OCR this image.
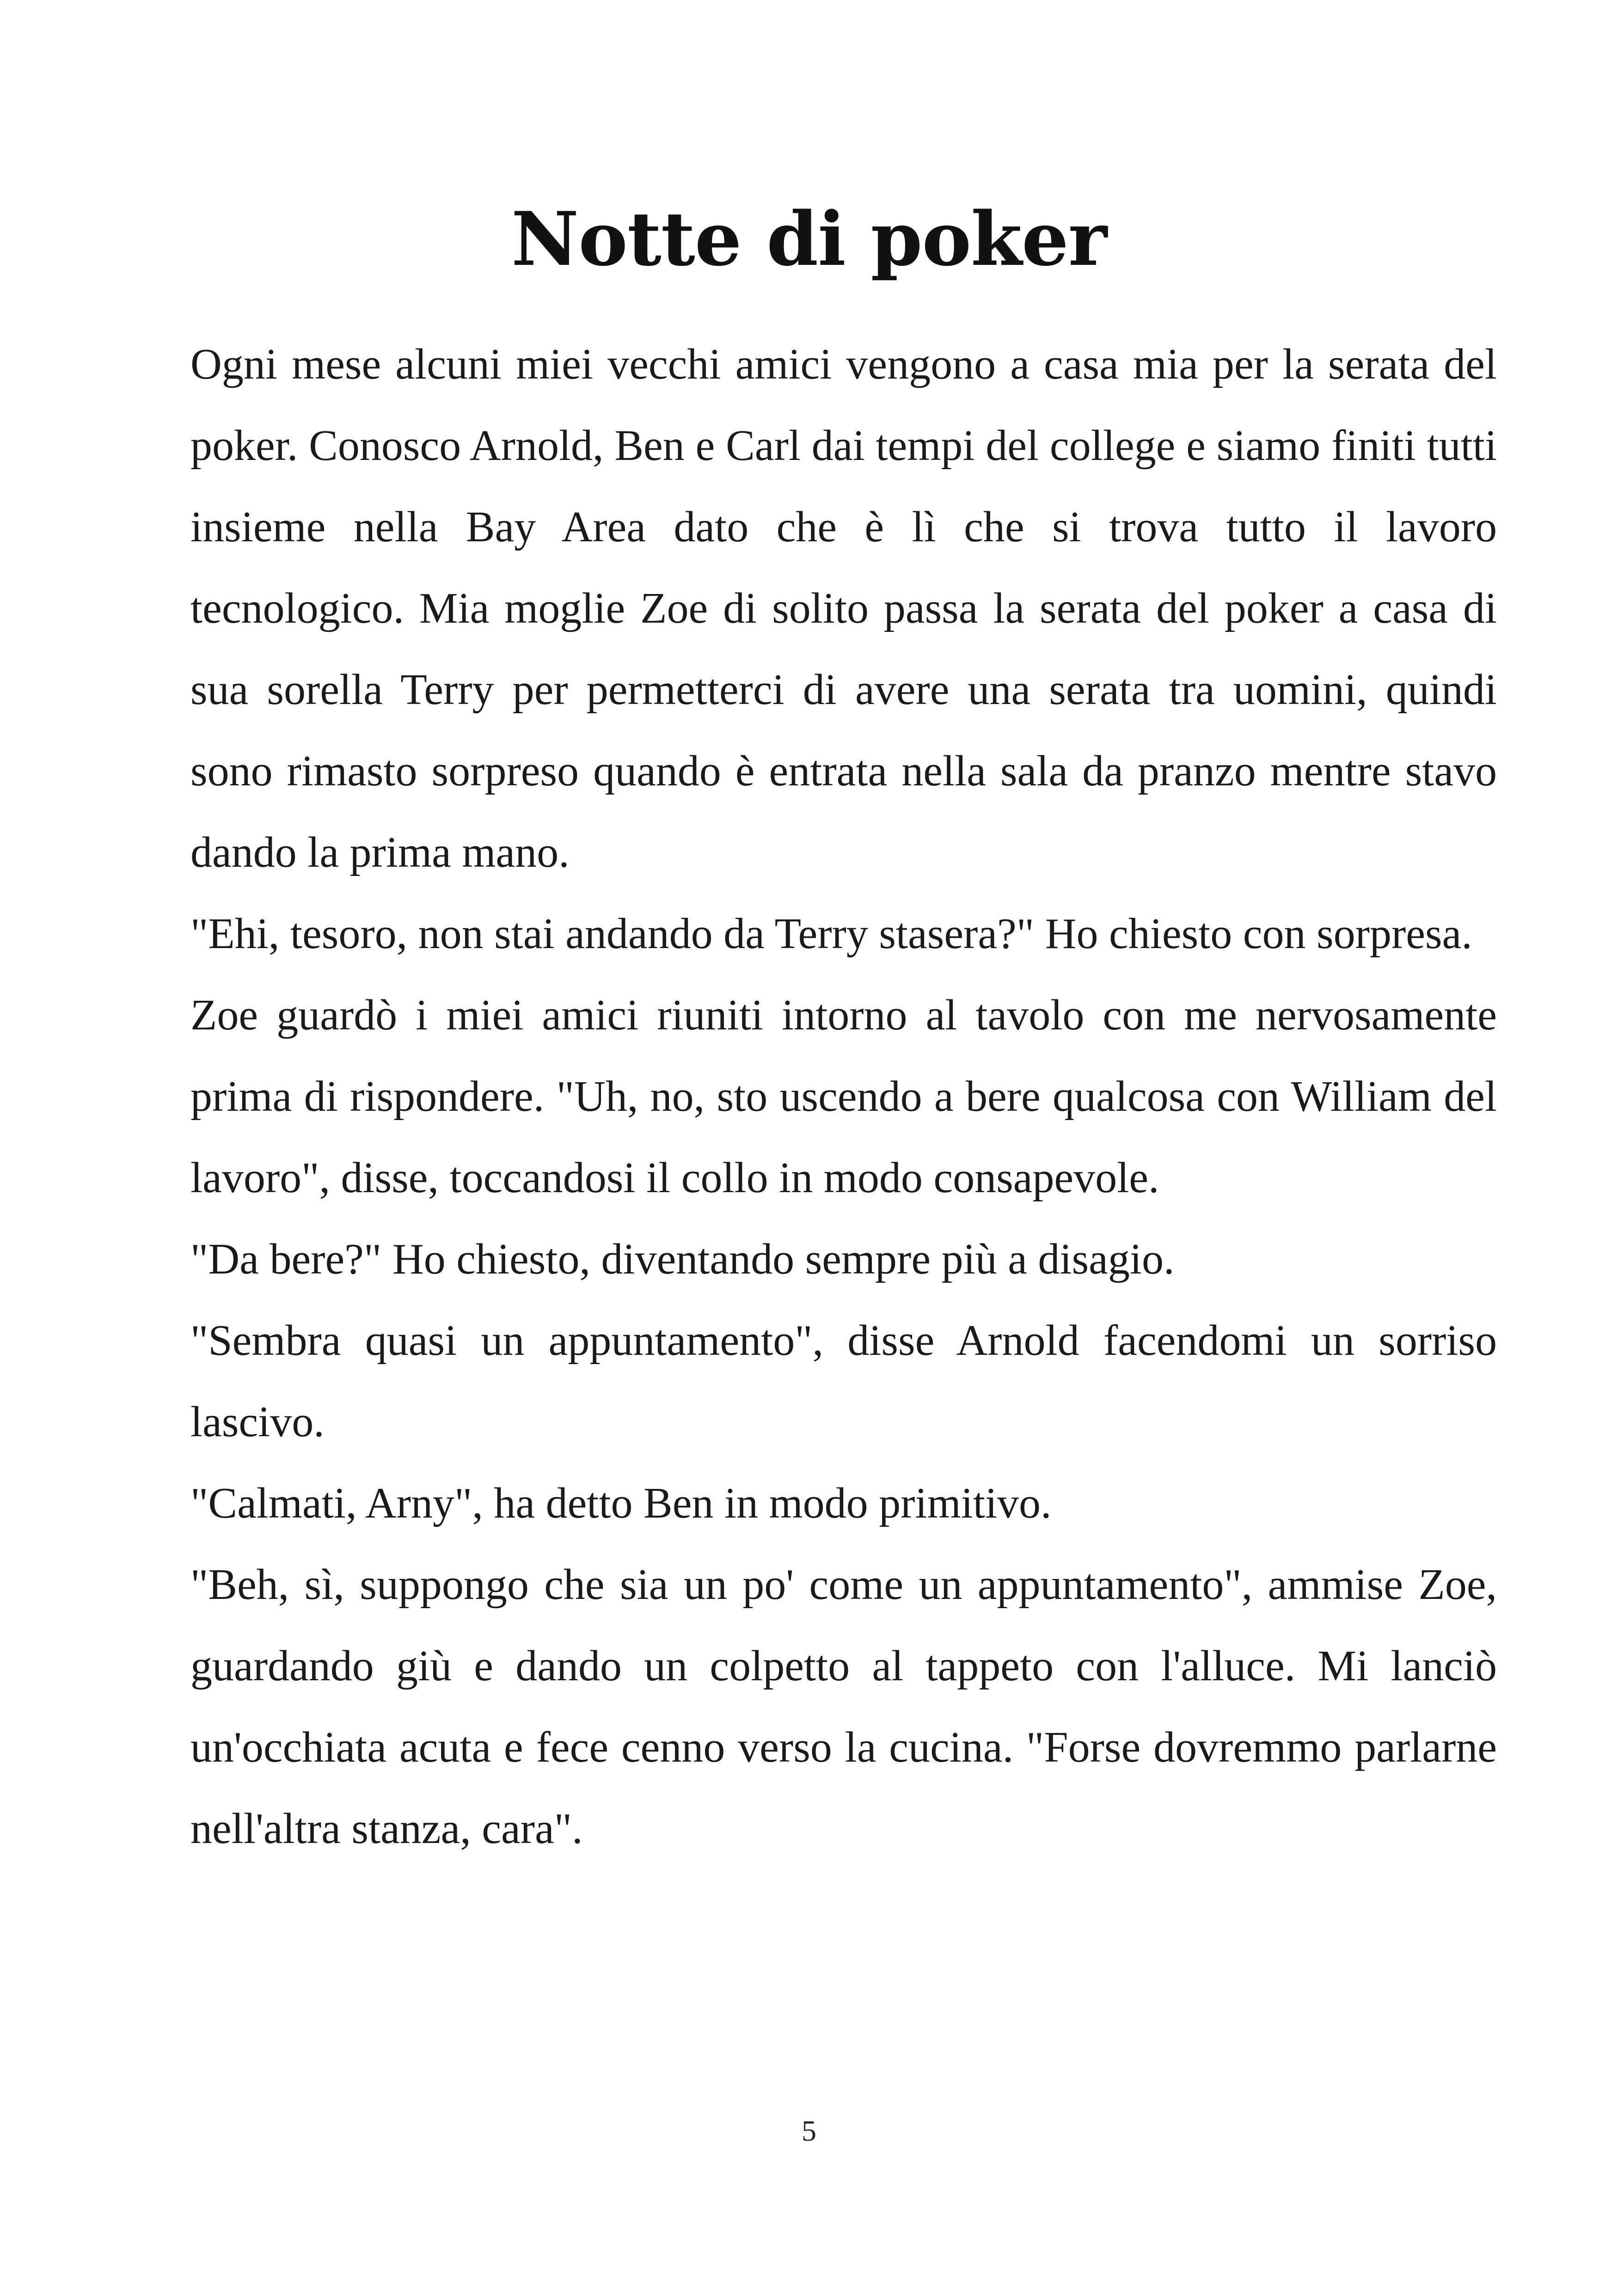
Notte di poker

Ogni mese alcuni miei vecchi amici vengono a casa mia per la serata del poker. Conosco Arnold, Ben e Carl dai tempi del college e siamo finiti tutti insieme nella Bay Area dato che è lì che si trova tutto il lavoro tecnologico. Mia moglie Zoe di solito passa la serata del poker a casa di sua sorella Terry per permetterci di avere una serata tra uomini, quindi sono rimasto sorpreso quando è entrata nella sala da pranzo mentre stavo dando la prima mano.

"Ehi, tesoro, non stai andando da Terry stasera?" Ho chiesto con sorpresa.

Zoe guardò i miei amici riuniti intorno al tavolo con me nervosamente prima di rispondere. "Uh, no, sto uscendo a bere qualcosa con William del lavoro", disse, toccandosi il collo in modo consapevole.

"Da bere?" Ho chiesto, diventando sempre più a disagio.

"Sembra quasi un appuntamento", disse Arnold facendomi un sorriso lascivo.

"Calmati, Arny", ha detto Ben in modo primitivo.

"Beh, sì, suppongo che sia un po' come un appuntamento", ammise Zoe, guardando giù e dando un colpetto al tappeto con l'alluce. Mi lanciò un'occhiata acuta e fece cenno verso la cucina. "Forse dovremmo parlarne nell'altra stanza, cara".

5
